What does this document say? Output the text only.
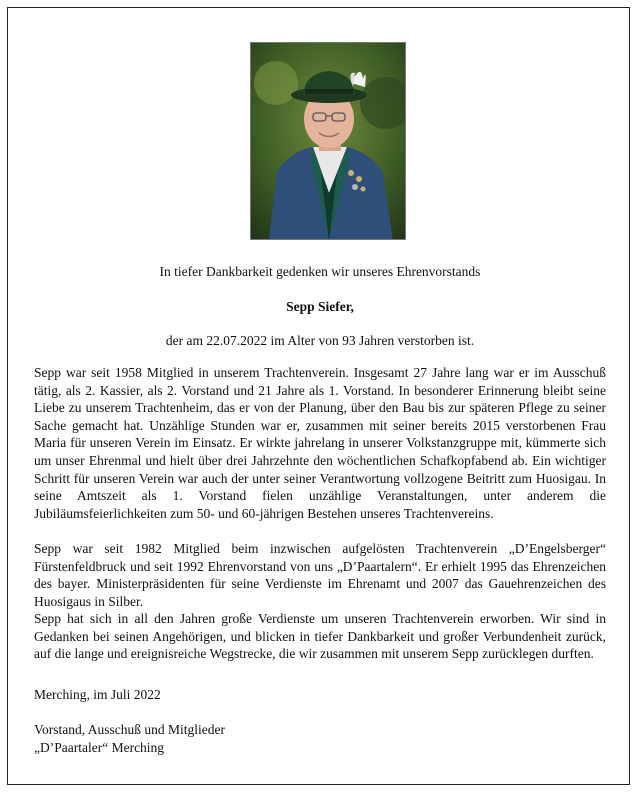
In tiefer Dankbarkeit gedenken wir unseres Ehrenvorstands
Sepp Siefer,
der am 22.07.2022 im Alter von 93 Jahren verstorben ist.

Sepp war seit 1958 Mitglied in unserem Trachtenverein. Insgesamt 27 Jahre lang war er im Ausschuß tätig, als 2. Kassier, als 2. Vorstand und 21 Jahre als 1. Vorstand. In besonderer Erinnerung bleibt seine Liebe zu unserem Trachtenheim, das er von der Planung, über den Bau bis zur späteren Pflege zu seiner Sache gemacht hat. Unzählige Stunden war er, zusammen mit seiner bereits 2015 verstorbenen Frau Maria für unseren Verein im Einsatz. Er wirkte jahrelang in unserer Volkstanzgruppe mit, kümmerte sich um unser Ehrenmal und hielt über drei Jahrzehnte den wöchentlichen Schafkopfabend ab. Ein wichtiger Schritt für unseren Verein war auch der unter seiner Verantwortung vollzogene Beitritt zum Huosigau. In seine Amtszeit als 1. Vorstand fielen unzählige Veranstaltungen, unter anderem die Jubiläumsfeierlichkeiten zum 50- und 60-jährigen Bestehen unseres Trachtenvereins.

Sepp war seit 1982 Mitglied beim inzwischen aufgelösten Trachtenverein „D’Engelsberger“ Fürstenfeldbruck und seit 1992 Ehrenvorstand von uns „D’Paartalern“. Er erhielt 1995 das Ehrenzeichen des bayer. Ministerpräsidenten für seine Verdienste im Ehrenamt und 2007 das Gauehrenzeichen des Huosigaus in Silber.

Sepp hat sich in all den Jahren große Verdienste um unseren Trachtenverein erworben. Wir sind in Gedanken bei seinen Angehörigen, und blicken in tiefer Dankbarkeit und großer Verbundenheit zurück, auf die lange und ereignisreiche Wegstrecke, die wir zusammen mit unserem Sepp zurücklegen durften.

Merching, im Juli 2022
Vorstand, Ausschuß und Mitglieder
„D’Paartaler“ Merching
